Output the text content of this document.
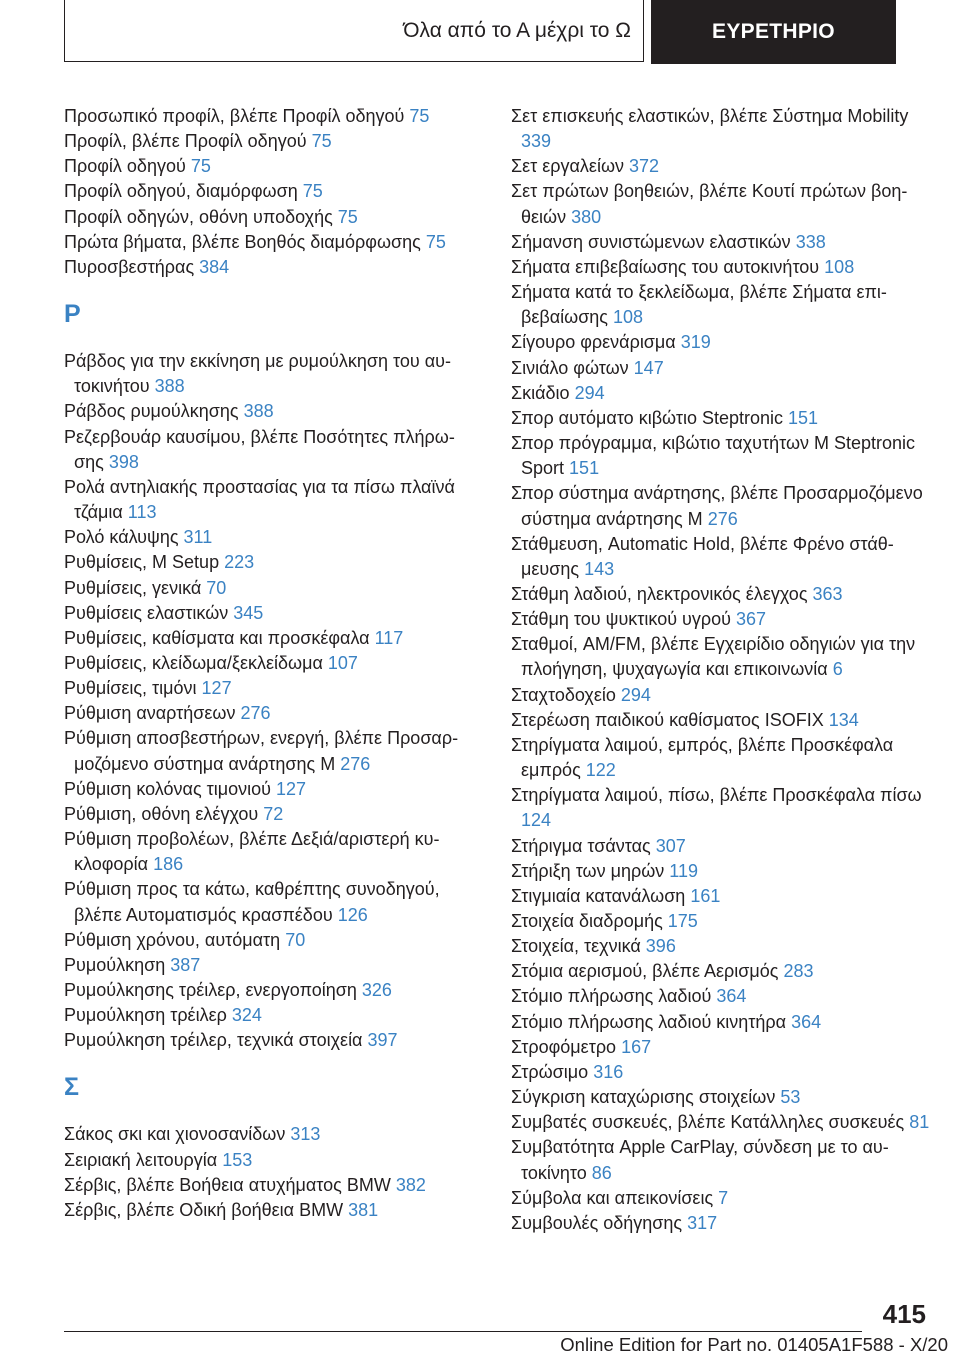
Όλα από το Α μέχρι το Ω	ΕΥΡΕΤΗΡΙΟ
Προσωπικό προφίλ, βλέπε Προφίλ οδηγού 75
Προφίλ, βλέπε Προφίλ οδηγού 75
Προφίλ οδηγού 75
Προφίλ οδηγού, διαμόρφωση 75
Προφίλ οδηγών, οθόνη υποδοχής 75
Πρώτα βήματα, βλέπε Βοηθός διαμόρφωσης 75
Πυροσβεστήρας 384
Ρ
Ράβδος για την εκκίνηση με ρυμούλκηση του αυτοκινήτου 388
Ράβδος ρυμούλκησης 388
Ρεζερβουάρ καυσίμου, βλέπε Ποσότητες πλήρωσης 398
Ρολά αντηλιακής προστασίας για τα πίσω πλαϊνά τζάμια 113
Ρολό κάλυψης 311
Ρυθμίσεις, M Setup 223
Ρυθμίσεις, γενικά 70
Ρυθμίσεις ελαστικών 345
Ρυθμίσεις, καθίσματα και προσκέφαλα 117
Ρυθμίσεις, κλείδωμα/ξεκλείδωμα 107
Ρυθμίσεις, τιμόνι 127
Ρύθμιση αναρτήσεων 276
Ρύθμιση αποσβεστήρων, ενεργή, βλέπε Προσαρμοζόμενο σύστημα ανάρτησης M 276
Ρύθμιση κολόνας τιμονιού 127
Ρύθμιση, οθόνη ελέγχου 72
Ρύθμιση προβολέων, βλέπε Δεξιά/αριστερή κυκλοφορία 186
Ρύθμιση προς τα κάτω, καθρέπτης συνοδηγού, βλέπε Αυτοματισμός κρασπέδου 126
Ρύθμιση χρόνου, αυτόματη 70
Ρυμούλκηση 387
Ρυμούλκησης τρέιλερ, ενεργοποίηση 326
Ρυμούλκηση τρέιλερ 324
Ρυμούλκηση τρέιλερ, τεχνικά στοιχεία 397
Σ
Σάκος σκι και χιονοσανίδων 313
Σειριακή λειτουργία 153
Σέρβις, βλέπε Βοήθεια ατυχήματος BMW 382
Σέρβις, βλέπε Οδική βοήθεια BMW 381
Σετ επισκευής ελαστικών, βλέπε Σύστημα Mobility 339
Σετ εργαλείων 372
Σετ πρώτων βοηθειών, βλέπε Κουτί πρώτων βοηθειών 380
Σήμανση συνιστώμενων ελαστικών 338
Σήματα επιβεβαίωσης του αυτοκινήτου 108
Σήματα κατά το ξεκλείδωμα, βλέπε Σήματα επιβεβαίωσης 108
Σίγουρο φρενάρισμα 319
Σινιάλο φώτων 147
Σκιάδιο 294
Σπορ αυτόματο κιβώτιο Steptronic 151
Σπορ πρόγραμμα, κιβώτιο ταχυτήτων M Steptronic Sport 151
Σπορ σύστημα ανάρτησης, βλέπε Προσαρμοζόμενο σύστημα ανάρτησης M 276
Στάθμευση, Automatic Hold, βλέπε Φρένο στάθμευσης 143
Στάθμη λαδιού, ηλεκτρονικός έλεγχος 363
Στάθμη του ψυκτικού υγρού 367
Σταθμοί, AM/FM, βλέπε Εγχειρίδιο οδηγιών για την πλοήγηση, ψυχαγωγία και επικοινωνία 6
Σταχτοδοχείο 294
Στερέωση παιδικού καθίσματος ISOFIX 134
Στηρίγματα λαιμού, εμπρός, βλέπε Προσκέφαλα εμπρός 122
Στηρίγματα λαιμού, πίσω, βλέπε Προσκέφαλα πίσω 124
Στήριγμα τσάντας 307
Στήριξη των μηρών 119
Στιγμιαία κατανάλωση 161
Στοιχεία διαδρομής 175
Στοιχεία, τεχνικά 396
Στόμια αερισμού, βλέπε Αερισμός 283
Στόμιο πλήρωσης λαδιού 364
Στόμιο πλήρωσης λαδιού κινητήρα 364
Στροφόμετρο 167
Στρώσιμο 316
Σύγκριση καταχώρισης στοιχείων 53
Συμβατές συσκευές, βλέπε Κατάλληλες συσκευές 81
Συμβατότητα Apple CarPlay, σύνδεση με το αυτοκίνητο 86
Σύμβολα και απεικονίσεις 7
Συμβουλές οδήγησης 317
415
Online Edition for Part no. 01405A1F588 - X/20
